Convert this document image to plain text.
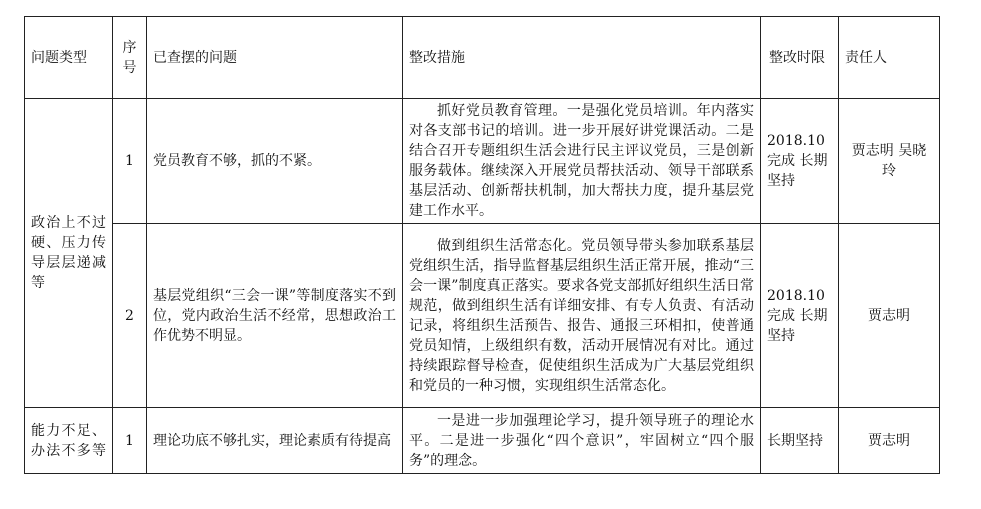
问题类型	序号	已查摆的问题	整改措施	整改时限	责任人
政治上不过硬、压力传导层层递减等	1	党员教育不够，抓的不紧。	抓好党员教育管理。一是强化党员培训。年内落实对各支部书记的培训。进一步开展好讲党课活动。二是结合召开专题组织生活会进行民主评议党员，三是创新服务载体。继续深入开展党员帮扶活动、领导干部联系基层活动、创新帮扶机制，加大帮扶力度，提升基层党建工作水平。	2018.10完成 长期坚持	贾志明 吴晓玲
	2	基层党组织“三会一课”等制度落实不到位，党内政治生活不经常，思想政治工作优势不明显。	做到组织生活常态化。党员领导带头参加联系基层党组织生活，指导监督基层组织生活正常开展，推动“三会一课”制度真正落实。要求各党支部抓好组织生活日常规范，做到组织生活有详细安排、有专人负责、有活动记录，将组织生活预告、报告、通报三环相扣，使普通党员知情，上级组织有数，活动开展情况有对比。通过持续跟踪督导检查，促使组织生活成为广大基层党组织和党员的一种习惯，实现组织生活常态化。	2018.10完成 长期坚持	贾志明
能力不足、办法不多等	1	理论功底不够扎实，理论素质有待提高	一是进一步加强理论学习，提升领导班子的理论水平。二是进一步强化“四个意识”，牢固树立“四个服务”的理念。	长期坚持	贾志明
